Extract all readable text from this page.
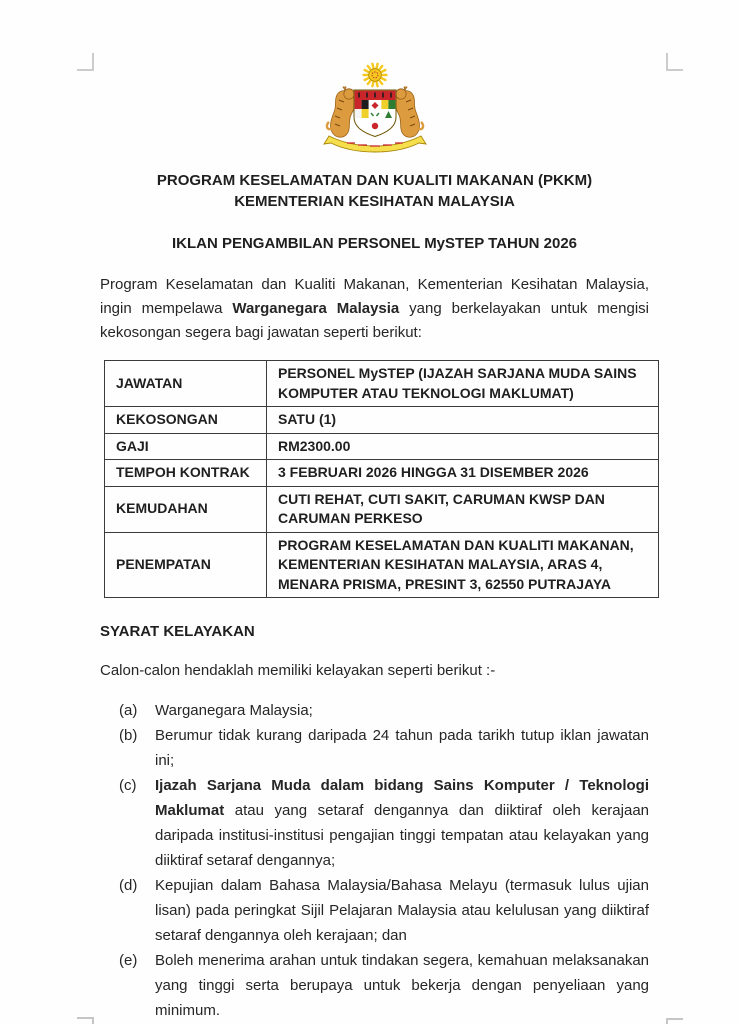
PROGRAM KESELAMATAN DAN KUALITI MAKANAN (PKKM)
KEMENTERIAN KESIHATAN MALAYSIA
IKLAN PENGAMBILAN PERSONEL MySTEP TAHUN 2026

Program Keselamatan dan Kualiti Makanan, Kementerian Kesihatan Malaysia, ingin mempelawa Warganegara Malaysia yang berkelayakan untuk mengisi kekosongan segera bagi jawatan seperti berikut:

JAWATAN	PERSONEL MySTEP (IJAZAH SARJANA MUDA SAINS KOMPUTER ATAU TEKNOLOGI MAKLUMAT)
KEKOSONGAN	SATU (1)
GAJI	RM2300.00
TEMPOH KONTRAK	3 FEBRUARI 2026 HINGGA 31 DISEMBER 2026
KEMUDAHAN	CUTI REHAT, CUTI SAKIT, CARUMAN KWSP DAN CARUMAN PERKESO
PENEMPATAN	PROGRAM KESELAMATAN DAN KUALITI MAKANAN, KEMENTERIAN KESIHATAN MALAYSIA, ARAS 4, MENARA PRISMA, PRESINT 3, 62550 PUTRAJAYA
SYARAT KELAYAKAN
Calon-calon hendaklah memiliki kelayakan seperti berikut :-
(a)	Warganegara Malaysia;
(b)	Berumur tidak kurang daripada 24 tahun pada tarikh tutup iklan jawatan ini;
(c)	Ijazah Sarjana Muda dalam bidang Sains Komputer / Teknologi Maklumat atau yang setaraf dengannya dan diiktiraf oleh kerajaan daripada institusi-institusi pengajian tinggi tempatan atau kelayakan yang diiktiraf setaraf dengannya;
(d)	Kepujian dalam Bahasa Malaysia/Bahasa Melayu (termasuk lulus ujian lisan) pada peringkat Sijil Pelajaran Malaysia atau kelulusan yang diiktiraf setaraf dengannya oleh kerajaan; dan
(e)	Boleh menerima arahan untuk tindakan segera, kemahuan melaksanakan yang tinggi serta berupaya untuk bekerja dengan penyeliaan yang minimum.
